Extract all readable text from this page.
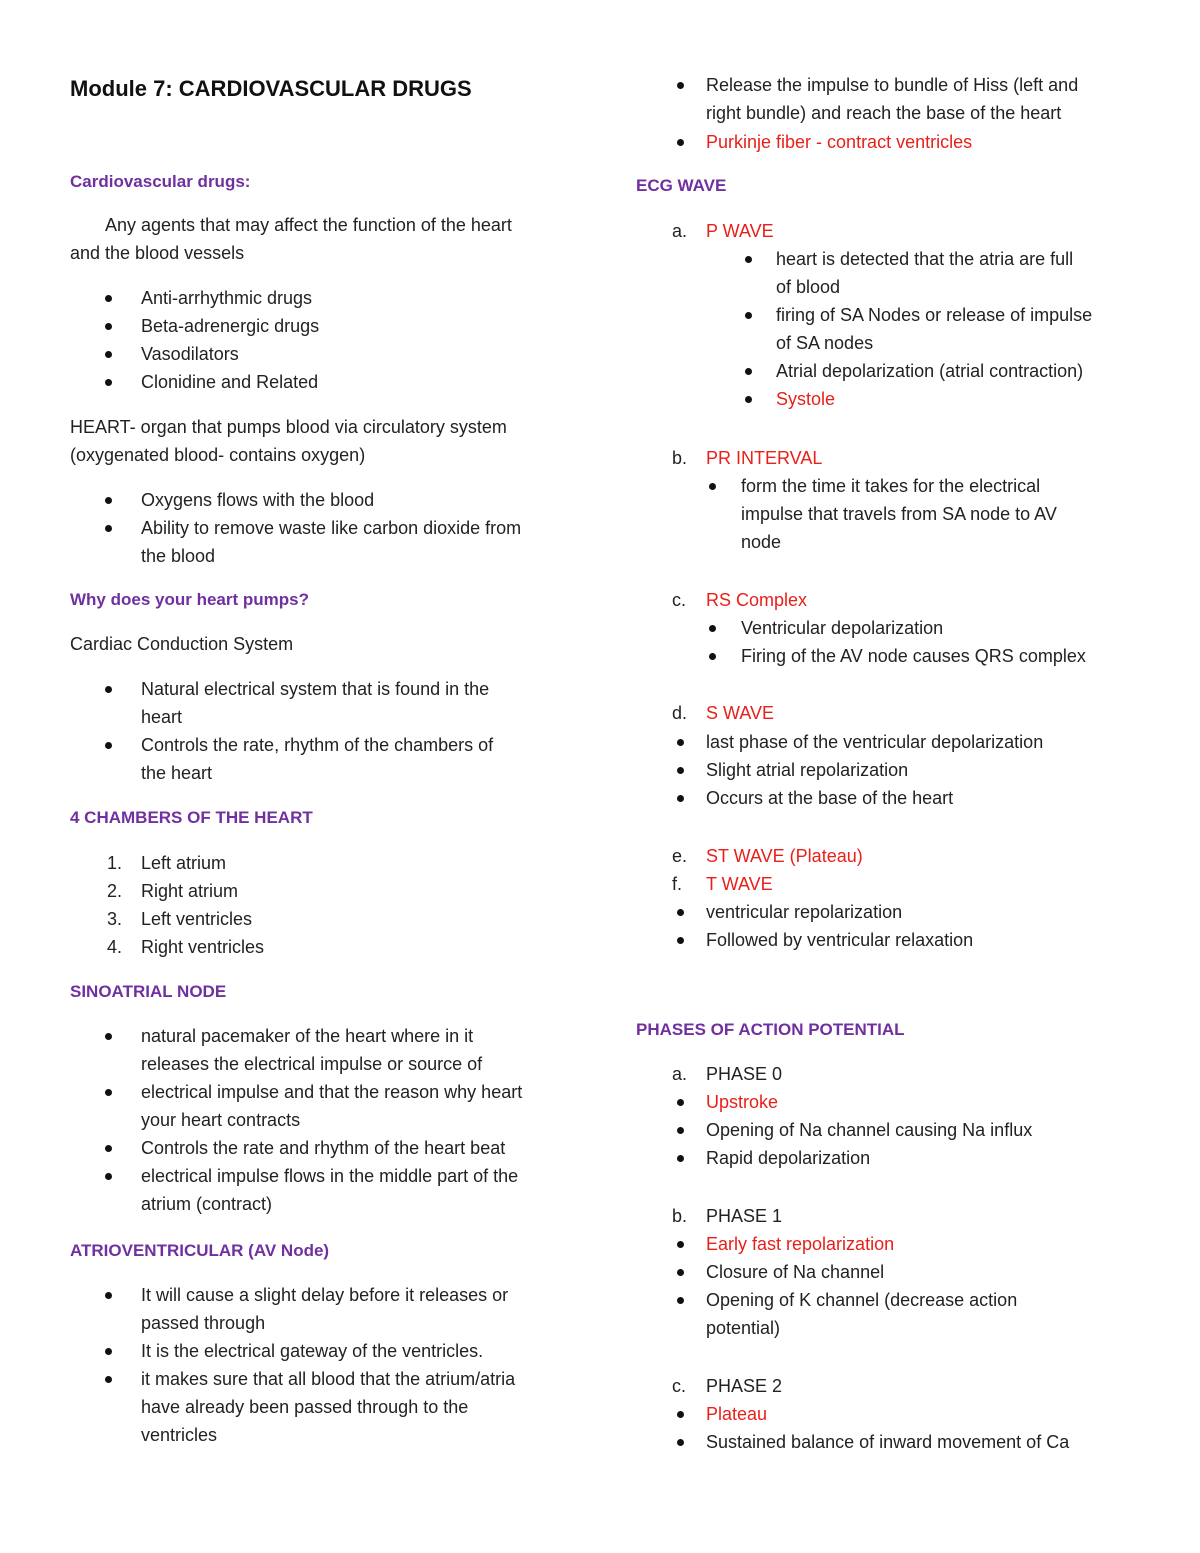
Module 7: CARDIOVASCULAR DRUGS
Cardiovascular drugs:
Any agents that may affect the function of the heart
and the blood vessels
Anti-arrhythmic drugs
Beta-adrenergic drugs
Vasodilators
Clonidine and Related
HEART- organ that pumps blood via circulatory system
(oxygenated blood- contains oxygen)
Oxygens flows with the blood
Ability to remove waste like carbon dioxide from
the blood
Why does your heart pumps?
Cardiac Conduction System
Natural electrical system that is found in the
heart
Controls the rate, rhythm of the chambers of
the heart
4 CHAMBERS OF THE HEART
1. Left atrium
2. Right atrium
3. Left ventricles
4. Right ventricles
SINOATRIAL NODE
natural pacemaker of the heart where in it
releases the electrical impulse or source of
electrical impulse and that the reason why heart
your heart contracts
Controls the rate and rhythm of the heart beat
electrical impulse flows in the middle part of the
atrium (contract)
ATRIOVENTRICULAR (AV Node)
It will cause a slight delay before it releases or
passed through
It is the electrical gateway of the ventricles.
it makes sure that all blood that the atrium/atria
have already been passed through to the
ventricles
Release the impulse to bundle of Hiss (left and
right bundle) and reach the base of the heart
Purkinje fiber - contract ventricles
ECG WAVE
a. P WAVE
heart is detected that the atria are full
of blood
firing of SA Nodes or release of impulse
of SA nodes
Atrial depolarization (atrial contraction)
Systole
b. PR INTERVAL
form the time it takes for the electrical
impulse that travels from SA node to AV
node
c. RS Complex
Ventricular depolarization
Firing of the AV node causes QRS complex
d. S WAVE
last phase of the ventricular depolarization
Slight atrial repolarization
Occurs at the base of the heart
e. ST WAVE (Plateau)
f. T WAVE
ventricular repolarization
Followed by ventricular relaxation
PHASES OF ACTION POTENTIAL
a. PHASE 0
Upstroke
Opening of Na channel causing Na influx
Rapid depolarization
b. PHASE 1
Early fast repolarization
Closure of Na channel
Opening of K channel (decrease action
potential)
c. PHASE 2
Plateau
Sustained balance of inward movement of Ca
